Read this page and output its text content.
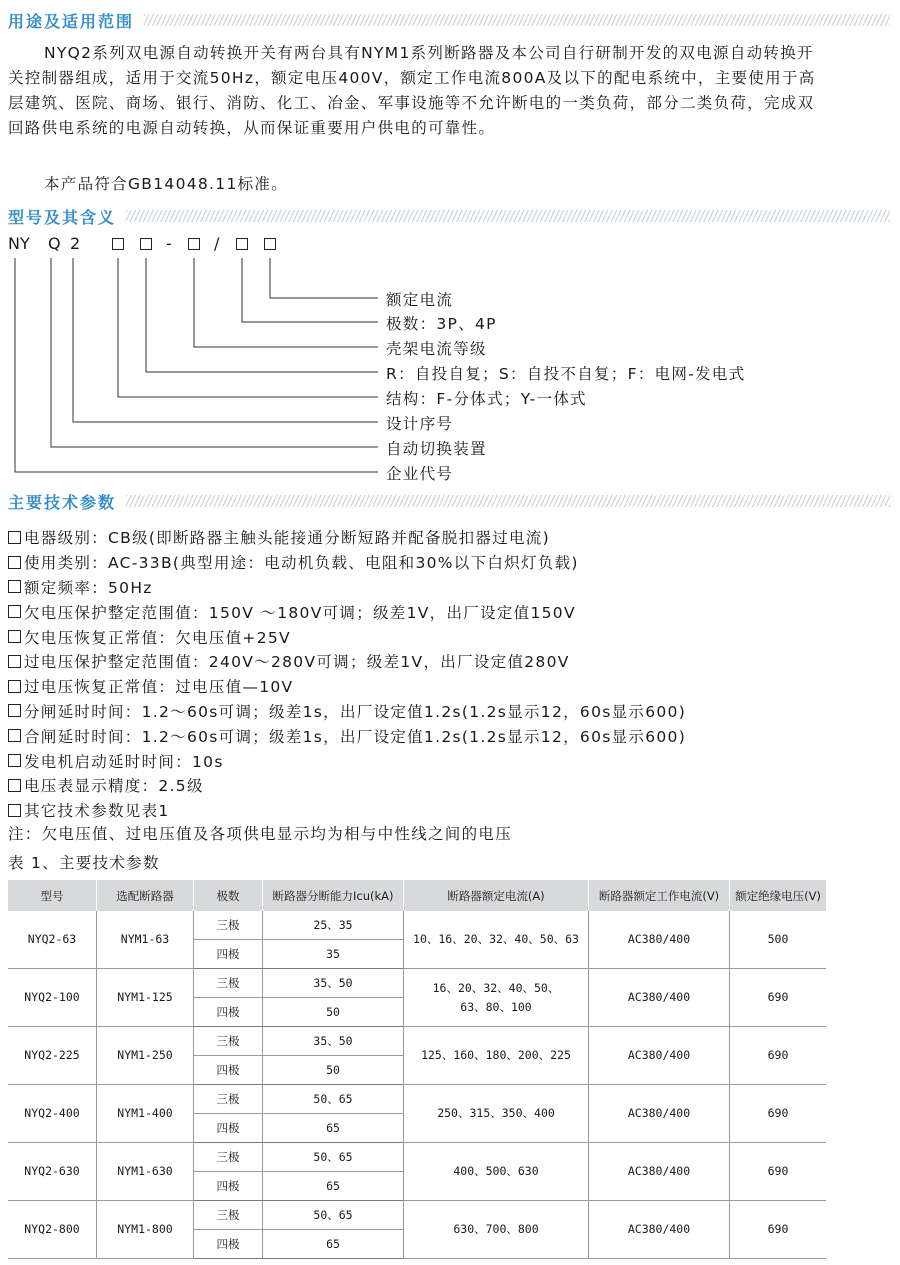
用途及适用范围

NYQ2系列双电源自动转换开关有两台具有NYM1系列断路器及本公司自行研制开发的双电源自动转换开关控制器组成，适用于交流50Hz，额定电压400V，额定工作电流800A及以下的配电系统中，主要使用于高层建筑、医院、商场、银行、消防、化工、冶金、军事设施等不允许断电的一类负荷，部分二类负荷，完成双回路供电系统的电源自动转换，从而保证重要用户供电的可靠性。

本产品符合GB14048.11标准。

型号及其含义
N Y Q 2	-	/
额定电流
极数：3P、4P
壳架电流等级
R：自投自复；S：自投不自复；F：电网-发电式
结构：F-分体式；Y-一体式
设计序号
自动切换装置
企业代号
主要技术参数
电器级别：CB级(即断路器主触头能接通分断短路并配备脱扣器过电流)
使用类别：AC-33B(典型用途：电动机负载、电阻和30%以下白炽灯负载)
额定频率：50Hz
欠电压保护整定范围值：150V ～180V可调；级差1V，出厂设定值150V
欠电压恢复正常值：欠电压值+25V
过电压保护整定范围值：240V～280V可调；级差1V，出厂设定值280V
过电压恢复正常值：过电压值—10V
分闸延时时间：1.2～60s可调；级差1s，出厂设定值1.2s(1.2s显示12，60s显示600)
合闸延时时间：1.2～60s可调；级差1s，出厂设定值1.2s(1.2s显示12，60s显示600)
发电机启动延时时间：10s
电压表显示精度：2.5级
其它技术参数见表1
注：欠电压值、过电压值及各项供电显示均为相与中性线之间的电压
表 1、主要技术参数
型号	选配断路器	极数	断路器分断能力Icu(kA)	断路器额定电流(A)	断路器额定工作电流(V)	额定绝缘电压(V)
NYQ2-63	NYM1-63	三极	25、35	10、16、20、32、40、50、63	AC380/400	500
		四极	35			
NYQ2-100	NYM1-125	三极	35、50	16、20、32、40、50、
63、80、100	AC380/400	690
		四极	50			
NYQ2-225	NYM1-250	三极	35、50	125、160、180、200、225	AC380/400	690
		四极	50			
NYQ2-400	NYM1-400	三极	50、65	250、315、350、400	AC380/400	690
		四极	65			
NYQ2-630	NYM1-630	三极	50、65	400、500、630	AC380/400	690
		四极	65			
NYQ2-800	NYM1-800	三极	50、65	630、700、800	AC380/400	690
		四极	65			
